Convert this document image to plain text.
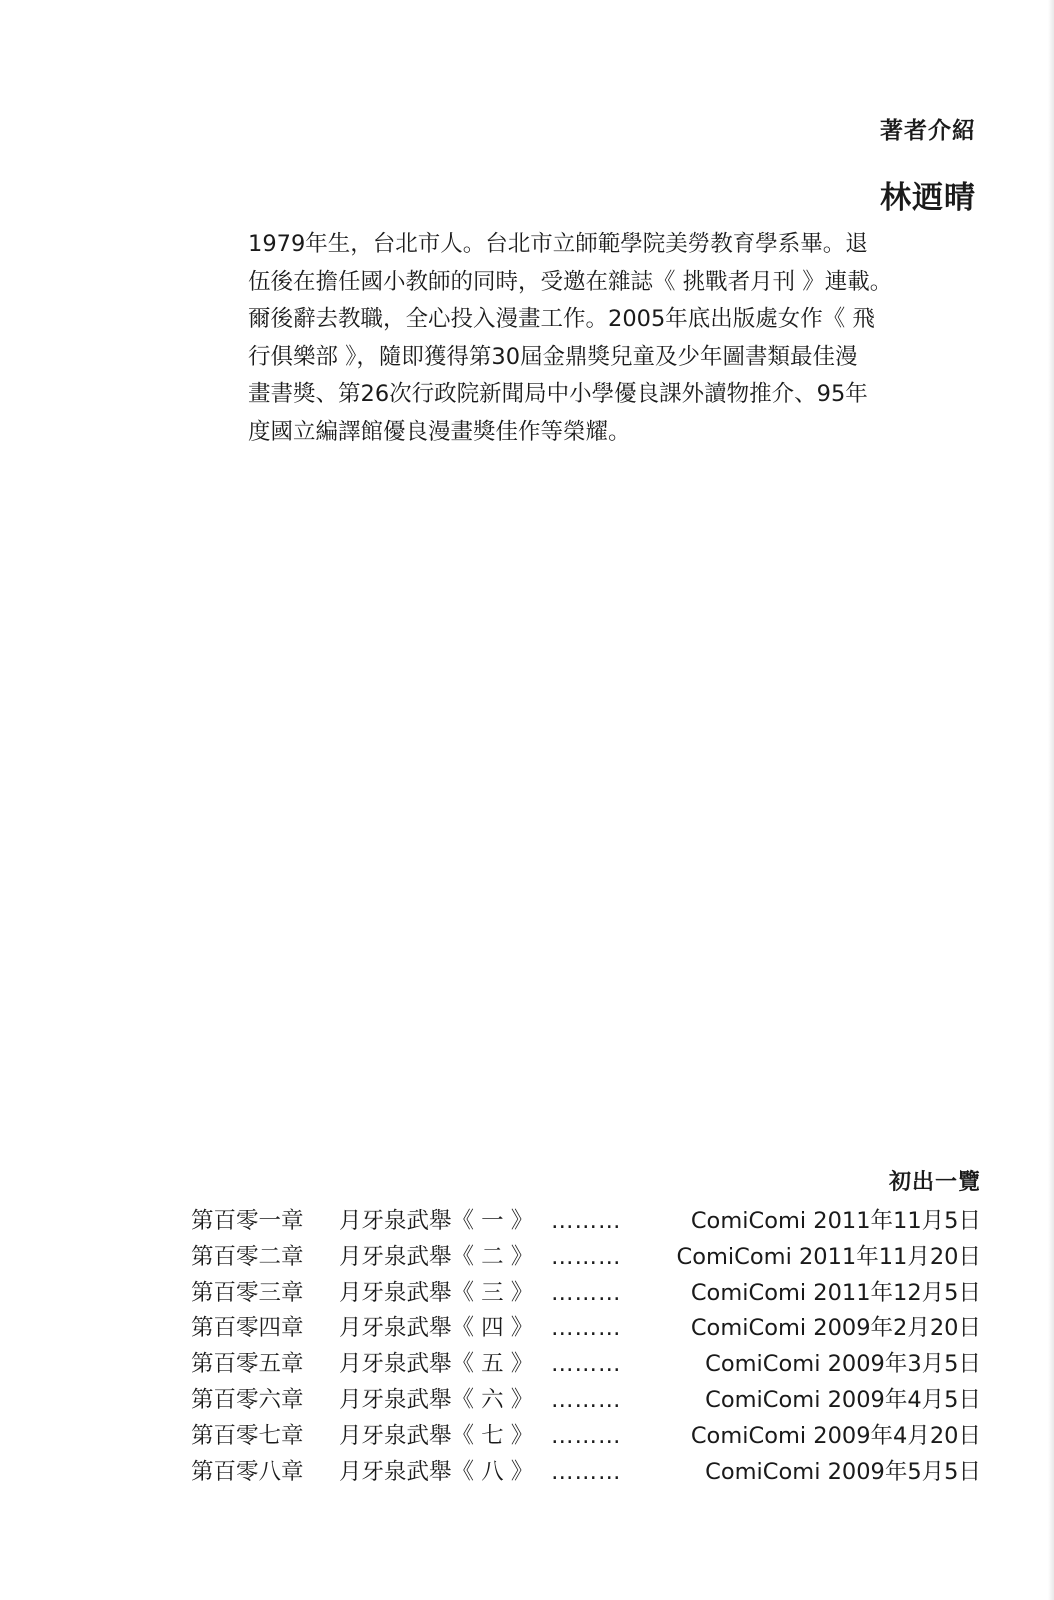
著者介紹
林迺晴
1979年生，台北市人。台北市立師範學院美勞教育學系畢。退
伍後在擔任國小教師的同時，受邀在雜誌《 挑戰者月刊 》連載。
爾後辭去教職，全心投入漫畫工作。2005年底出版處女作《 飛
行俱樂部 》，隨即獲得第30屆金鼎獎兒童及少年圖書類最佳漫
畫書獎、第26次行政院新聞局中小學優良課外讀物推介、95年
度國立編譯館優良漫畫獎佳作等榮耀。
初出一覽
第百零一章 月牙泉武舉《 一 》 ………	ComiComi 2011年11月5日
第百零二章 月牙泉武舉《 二 》 ……… ComiComi 2011年11月20日
第百零三章 月牙泉武舉《 三 》 ………	ComiComi 2011年12月5日
第百零四章 月牙泉武舉《 四 》 ………	ComiComi 2009年2月20日
第百零五章 月牙泉武舉《 五 》 ………	ComiComi 2009年3月5日
第百零六章 月牙泉武舉《 六 》 ………	ComiComi 2009年4月5日
第百零七章 月牙泉武舉《 七 》 ………	ComiComi 2009年4月20日
第百零八章 月牙泉武舉《 八 》 ………	ComiComi 2009年5月5日
